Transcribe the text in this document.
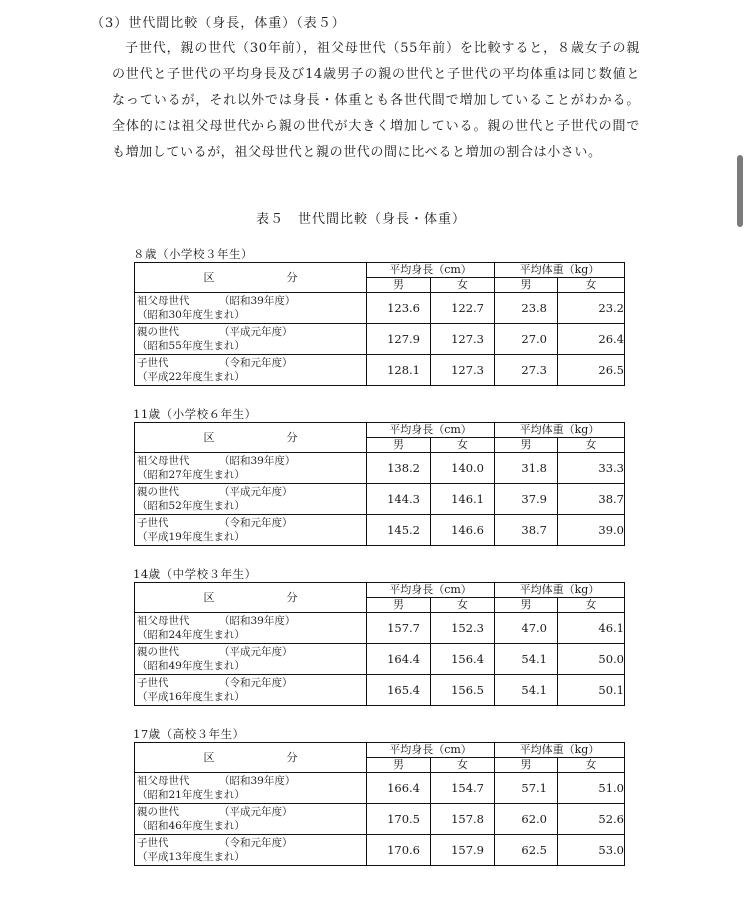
（3）世代間比較（身長，体重）（表５）
子世代，親の世代（30年前），祖父母世代（55年前）を比較すると，８歳女子の親の世代と子世代の平均身長及び14歳男子の親の世代と子世代の平均体重は同じ数値となっているが，それ以外では身長・体重とも各世代間で増加していることがわかる。全体的には祖父母世代から親の世代が大きく増加している。親の世代と子世代の間でも増加しているが，祖父母世代と親の世代の間に比べると増加の割合は小さい。
表５　世代間比較（身長・体重）
８歳（小学校３年生）
区 分	平均身長（cm）		平均体重（kg）	
	男	女	男	女

祖父母世代 （昭和39年度）
（昭和30年度生まれ）	123.6	122.7	23.8	23.2

親の世代 （平成元年度）
（昭和55年度生まれ）	127.9	127.3	27.0	26.4

子世代 （令和元年度）
（平成22年度生まれ）	128.1	127.3	27.3	26.5
11歳（小学校６年生）
区 分	平均身長（cm）		平均体重（kg）	
	男	女	男	女

祖父母世代 （昭和39年度）
（昭和27年度生まれ）	138.2	140.0	31.8	33.3

親の世代 （平成元年度）
（昭和52年度生まれ）	144.3	146.1	37.9	38.7

子世代 （令和元年度）
（平成19年度生まれ）	145.2	146.6	38.7	39.0
14歳（中学校３年生）
区 分	平均身長（cm）		平均体重（kg）	
	男	女	男	女

祖父母世代 （昭和39年度）
（昭和24年度生まれ）	157.7	152.3	47.0	46.1

親の世代 （平成元年度）
（昭和49年度生まれ）	164.4	156.4	54.1	50.0

子世代 （令和元年度）
（平成16年度生まれ）	165.4	156.5	54.1	50.1
17歳（高校３年生）
区 分	平均身長（cm）		平均体重（kg）	
	男	女	男	女

祖父母世代 （昭和39年度）
（昭和21年度生まれ）	166.4	154.7	57.1	51.0

親の世代 （平成元年度）
（昭和46年度生まれ）	170.5	157.8	62.0	52.6

子世代 （令和元年度）
（平成13年度生まれ）	170.6	157.9	62.5	53.0
